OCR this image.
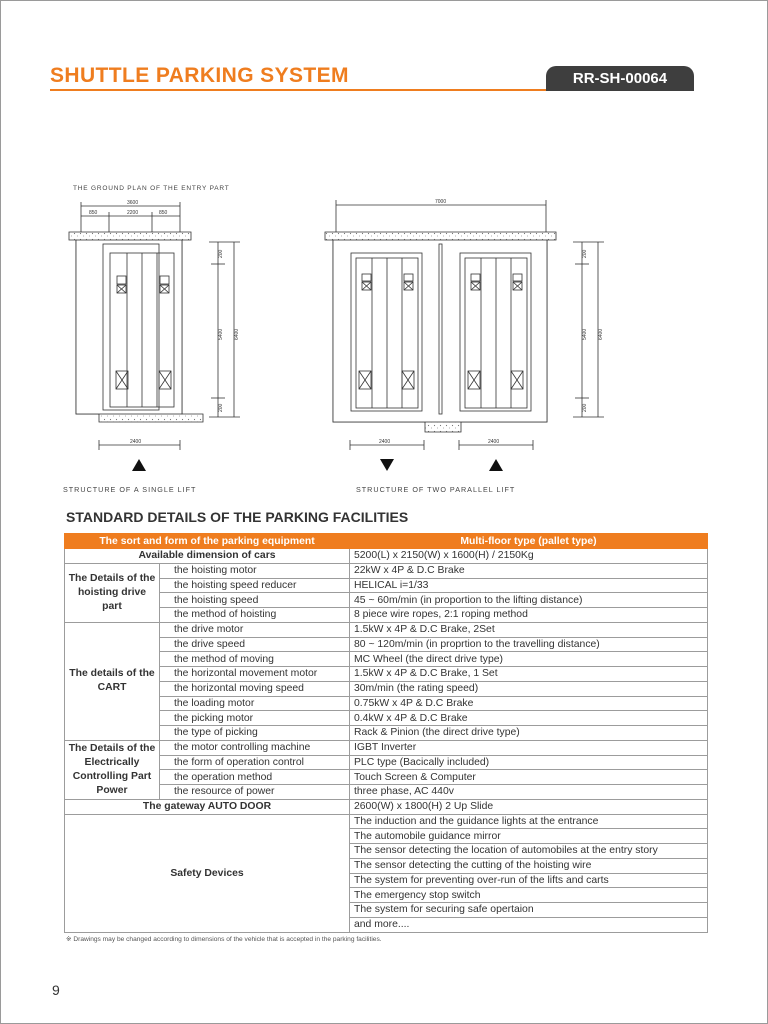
SHUTTLE PARKING SYSTEM	RR-SH-00064
THE GROUND PLAN OF THE ENTRY PART
3600
850	2200	850
2400
200
5400 6400
200
STRUCTURE OF A SINGLE LIFT
7000
2400	2400
200
5400 6400
200
STRUCTURE OF TWO PARALLEL LIFT
STANDARD DETAILS OF THE PARKING FACILITIES
The sort and form of the parking equipment		Multi-floor type (pallet type)
Available dimension of cars		5200(L) x 2150(W) x 1600(H) / 2150Kg
The Details of the hoisting drive part	the hoisting motor	22kW x 4P & D.C Brake
	the hoisting speed reducer	HELICAL i=1/33
	the hoisting speed	45 ~ 60m/min (in proportion to the lifting distance)
	the method of hoisting	8 piece wire ropes, 2:1 roping method
The details of the CART	the drive motor	1.5kW x 4P & D.C Brake, 2Set
	the drive speed	80 ~ 120m/min (in proprtion to the travelling distance)
	the method of moving	MC Wheel (the direct drive type)
	the horizontal movement motor	1.5kW x 4P & D.C Brake, 1 Set
	the horizontal moving speed	30m/min (the rating speed)
	the loading motor	0.75kW x 4P & D.C Brake
	the picking motor	0.4kW x 4P & D.C Brake
	the type of picking	Rack & Pinion (the direct drive type)
The Details of the Electrically Controlling Part Power	the motor controlling machine	IGBT Inverter
	the form of operation control	PLC type (Bacically included)
	the operation method	Touch Screen & Computer
	the resource of power	three phase, AC 440v
The gateway AUTO DOOR		2600(W) x 1800(H) 2 Up Slide
Safety Devices		The induction and the guidance lights at the entrance
		The automobile guidance mirror
		The sensor detecting the location of automobiles at the entry story
		The sensor detecting the cutting of the hoisting wire
		The system for preventing over-run of the lifts and carts
		The emergency stop switch
		The system for securing safe opertaion
		and more....
※ Drawings may be changed according to dimensions of the vehicle that is accepted in the parking facilities.
9
